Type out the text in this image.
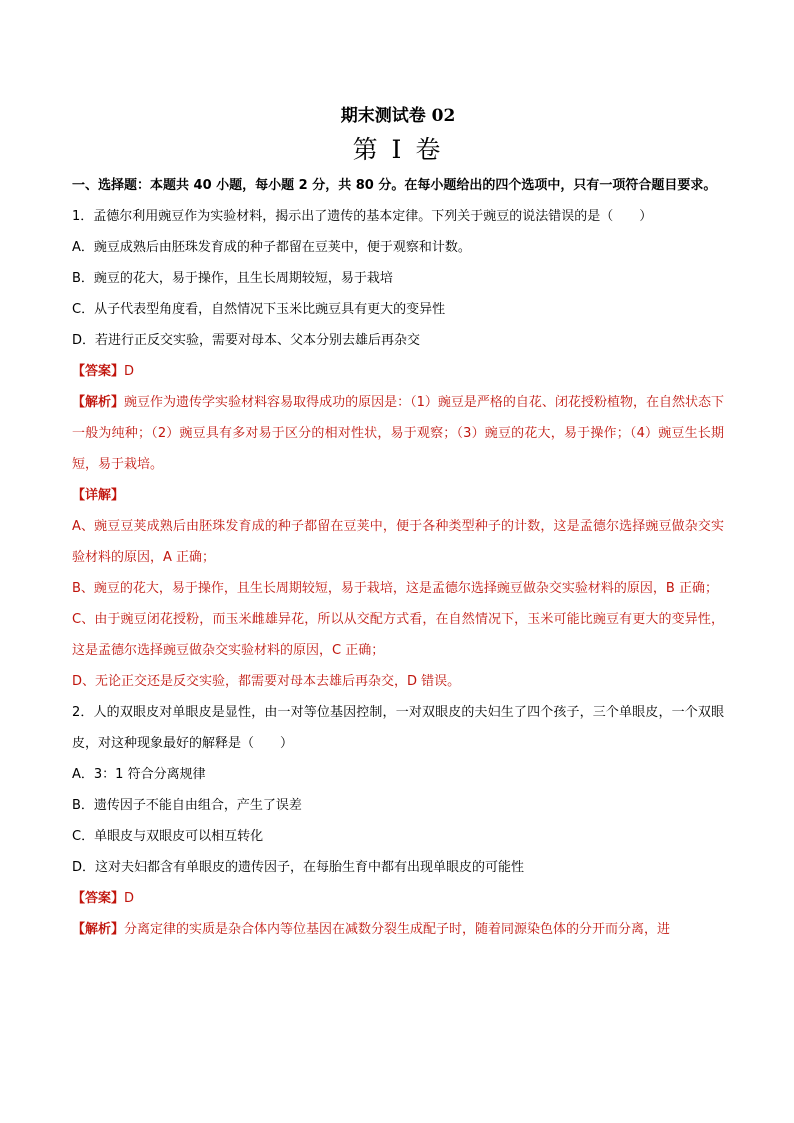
期末测试卷 02
第 I 卷
一、选择题：本题共 40 小题，每小题 2 分，共 80 分。在每小题给出的四个选项中，只有一项符合题目要求。
1．孟德尔利用豌豆作为实验材料，揭示出了遗传的基本定律。下列关于豌豆的说法错误的是（　　）
A．豌豆成熟后由胚珠发育成的种子都留在豆荚中，便于观察和计数。
B．豌豆的花大，易于操作，且生长周期较短，易于栽培
C．从子代表型角度看，自然情况下玉米比豌豆具有更大的变异性
D．若进行正反交实验，需要对母本、父本分别去雄后再杂交
【答案】D
【解析】豌豆作为遗传学实验材料容易取得成功的原因是：（1）豌豆是严格的自花、闭花授粉植物，在自然状态下一般为纯种；（2）豌豆具有多对易于区分的相对性状，易于观察；（3）豌豆的花大，易于操作；（4）豌豆生长期短，易于栽培。
【详解】
A、豌豆豆荚成熟后由胚珠发育成的种子都留在豆荚中，便于各种类型种子的计数，这是孟德尔选择豌豆做杂交实验材料的原因，A 正确；
B、豌豆的花大，易于操作，且生长周期较短，易于栽培，这是孟德尔选择豌豆做杂交实验材料的原因，B 正确；
C、由于豌豆闭花授粉，而玉米雌雄异花，所以从交配方式看，在自然情况下，玉米可能比豌豆有更大的变异性，这是孟德尔选择豌豆做杂交实验材料的原因，C 正确；
D、无论正交还是反交实验，都需要对母本去雄后再杂交，D 错误。
2．人的双眼皮对单眼皮是显性，由一对等位基因控制，一对双眼皮的夫妇生了四个孩子，三个单眼皮，一个双眼皮，对这种现象最好的解释是（　　）
A．3：1 符合分离规律
B．遗传因子不能自由组合，产生了误差
C．单眼皮与双眼皮可以相互转化
D．这对夫妇都含有单眼皮的遗传因子，在每胎生育中都有出现单眼皮的可能性
【答案】D
【解析】分离定律的实质是杂合体内等位基因在减数分裂生成配子时，随着同源染色体的分开而分离，进
